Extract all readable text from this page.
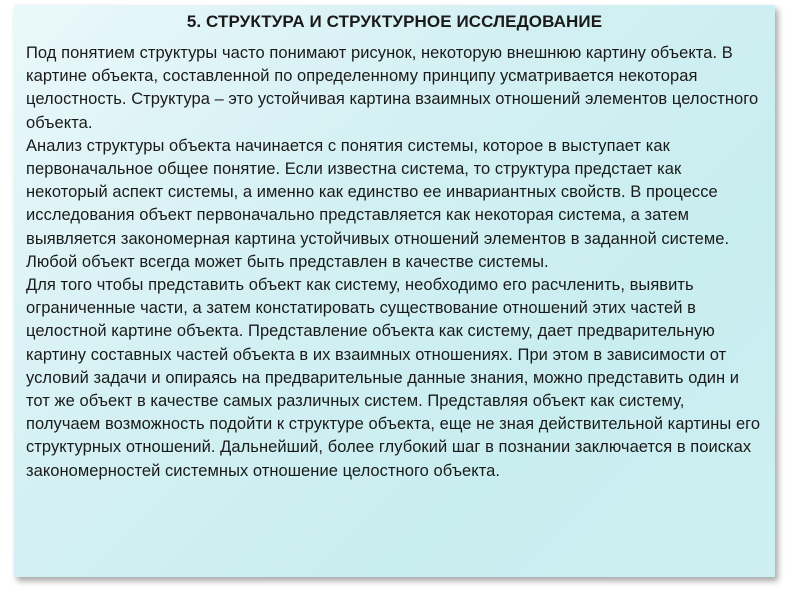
5. СТРУКТУРА И СТРУКТУРНОЕ ИССЛЕДОВАНИЕ

Под понятием структуры часто понимают рисунок, некоторую внешнюю картину объекта. В картине объекта, составленной по определенному принципу усматривается некоторая целостность. Структура – это устойчивая картина взаимных отношений элементов целостного объекта.

Анализ структуры объекта начинается с понятия системы, которое в выступает как первоначальное общее понятие. Если известна система, то структура предстает как некоторый аспект системы, а именно как единство ее инвариантных свойств. В процессе исследования объект первоначально представляется как некоторая система, а затем выявляется закономерная картина устойчивых отношений элементов в заданной системе.

Любой объект всегда может быть представлен в качестве системы.

Для того чтобы представить объект как систему, необходимо его расчленить, выявить ограниченные части, а затем констатировать существование отношений этих частей в целостной картине объекта. Представление объекта как систему, дает предварительную картину составных частей объекта в их взаимных отношениях. При этом в зависимости от условий задачи и опираясь на предварительные данные знания, можно представить один и тот же объект в качестве самых различных систем. Представляя объект как систему, получаем возможность подойти к структуре объекта, еще не зная действительной картины его структурных отношений. Дальнейший, более глубокий шаг в познании заключается в поисках закономерностей системных отношение целостного объекта.
